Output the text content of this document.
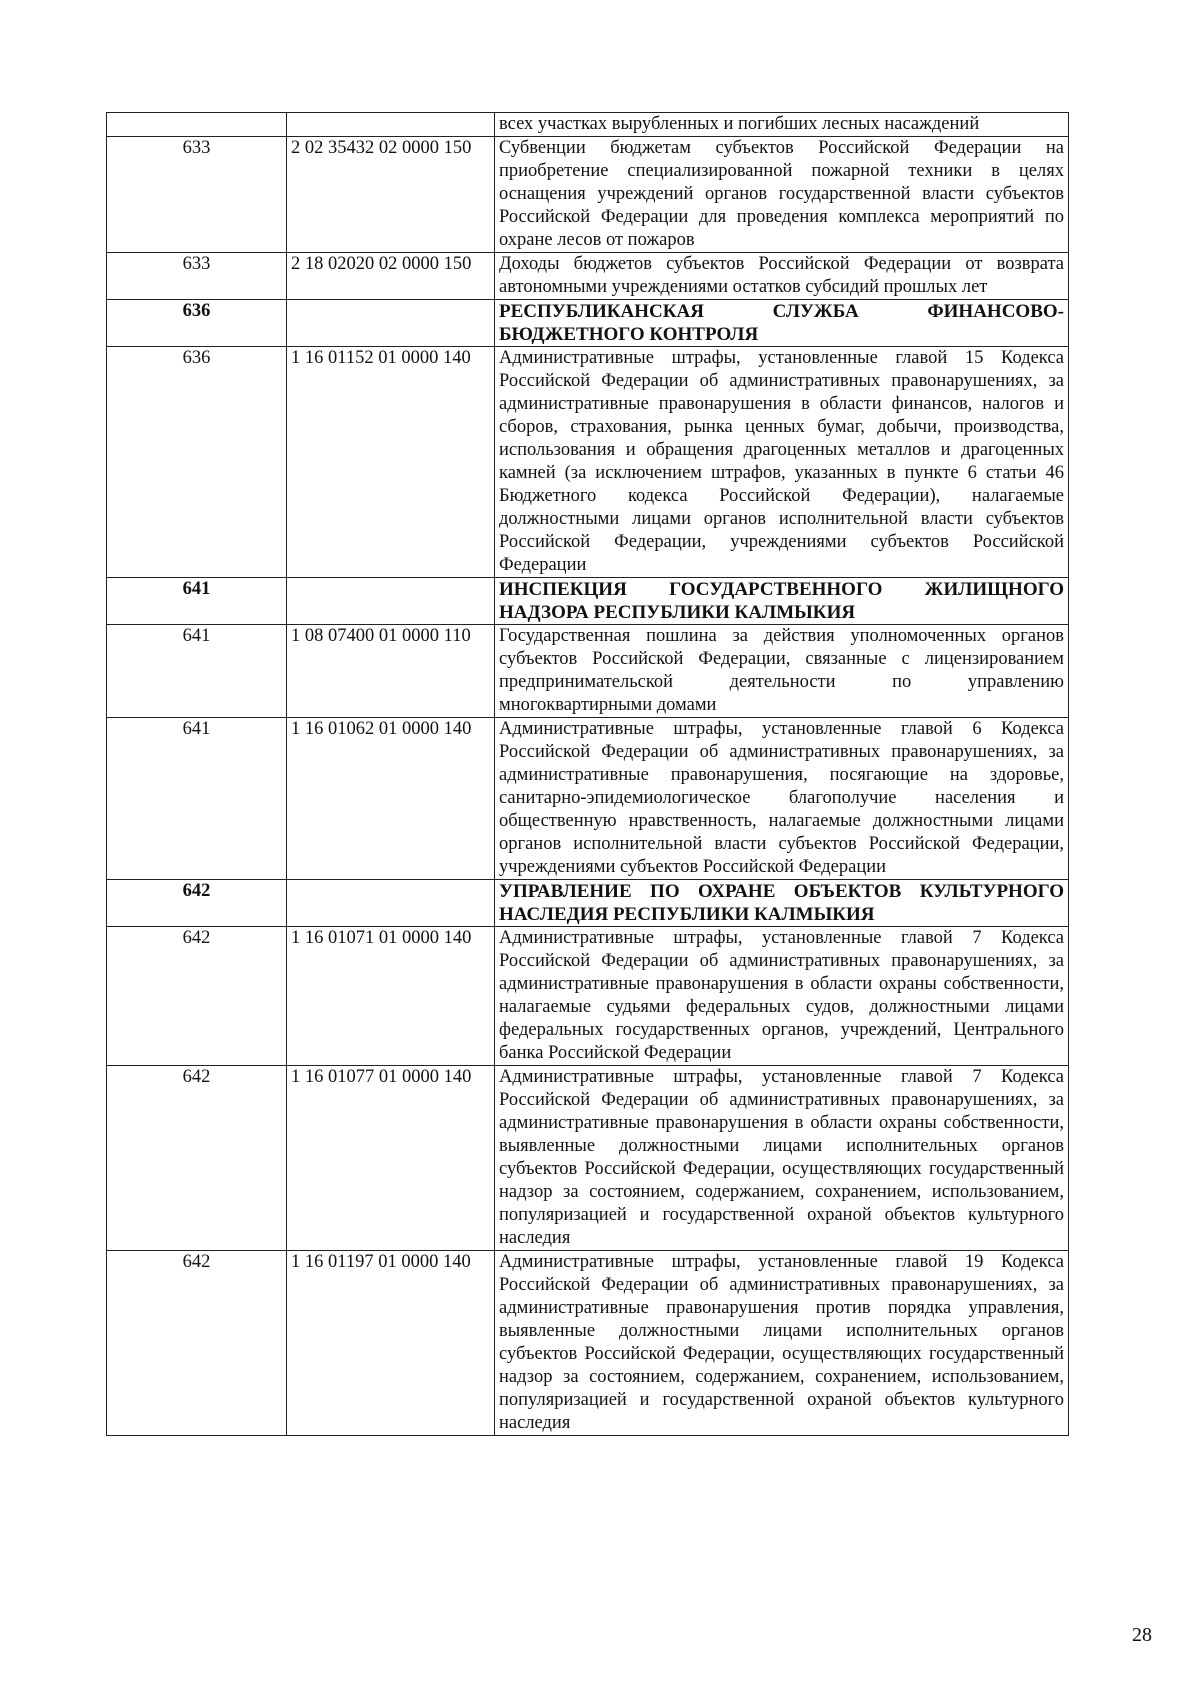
		всех участках вырубленных и погибших лесных насаждений
633	2 02 35432 02 0000 150	Субвенции бюджетам субъектов Российской Федерации на приобретение специализированной пожарной техники в целях оснащения учреждений органов государственной власти субъектов Российской Федерации для проведения комплекса мероприятий по охране лесов от пожаров
633	2 18 02020 02 0000 150	Доходы бюджетов субъектов Российской Федерации от возврата автономными учреждениями остатков субсидий прошлых лет
636		РЕСПУБЛИКАНСКАЯ СЛУЖБА ФИНАНСОВО-БЮДЖЕТНОГО КОНТРОЛЯ
636	1 16 01152 01 0000 140	Административные штрафы, установленные главой 15 Кодекса Российской Федерации об административных правонарушениях, за административные правонарушения в области финансов, налогов и сборов, страхования, рынка ценных бумаг, добычи, производства, использования и обращения драгоценных металлов и драгоценных камней (за исключением штрафов, указанных в пункте 6 статьи 46 Бюджетного кодекса Российской Федерации), налагаемые должностными лицами органов исполнительной власти субъектов Российской Федерации, учреждениями субъектов Российской Федерации
641		ИНСПЕКЦИЯ ГОСУДАРСТВЕННОГО ЖИЛИЩНОГО НАДЗОРА РЕСПУБЛИКИ КАЛМЫКИЯ
641	1 08 07400 01 0000 110	Государственная пошлина за действия уполномоченных органов субъектов Российской Федерации, связанные с лицензированием предпринимательской деятельности по управлению многоквартирными домами
641	1 16 01062 01 0000 140	Административные штрафы, установленные главой 6 Кодекса Российской Федерации об административных правонарушениях, за административные правонарушения, посягающие на здоровье, санитарно-эпидемиологическое благополучие населения и общественную нравственность, налагаемые должностными лицами органов исполнительной власти субъектов Российской Федерации, учреждениями субъектов Российской Федерации
642		УПРАВЛЕНИЕ ПО ОХРАНЕ ОБЪЕКТОВ КУЛЬТУРНОГО НАСЛЕДИЯ РЕСПУБЛИКИ КАЛМЫКИЯ
642	1 16 01071 01 0000 140	Административные штрафы, установленные главой 7 Кодекса Российской Федерации об административных правонарушениях, за административные правонарушения в области охраны собственности, налагаемые судьями федеральных судов, должностными лицами федеральных государственных органов, учреждений, Центрального банка Российской Федерации
642	1 16 01077 01 0000 140	Административные штрафы, установленные главой 7 Кодекса Российской Федерации об административных правонарушениях, за административные правонарушения в области охраны собственности, выявленные должностными лицами исполнительных органов субъектов Российской Федерации, осуществляющих государственный надзор за состоянием, содержанием, сохранением, использованием, популяризацией и государственной охраной объектов культурного наследия
642	1 16 01197 01 0000 140	Административные штрафы, установленные главой 19 Кодекса Российской Федерации об административных правонарушениях, за административные правонарушения против порядка управления, выявленные должностными лицами исполнительных органов субъектов Российской Федерации, осуществляющих государственный надзор за состоянием, содержанием, сохранением, использованием, популяризацией и государственной охраной объектов культурного наследия
28
